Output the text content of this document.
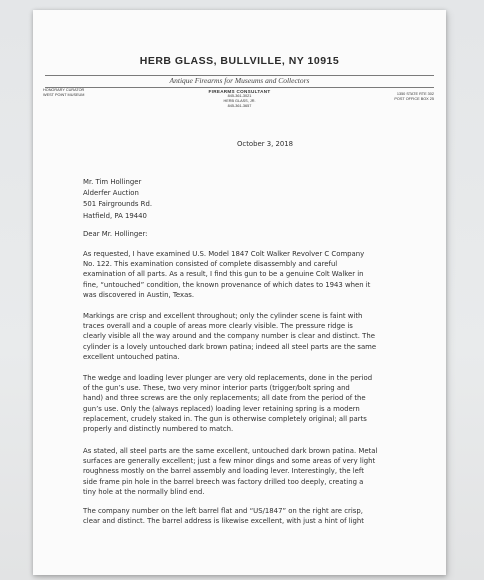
HERB GLASS, BULLVILLE, NY 10915
Antique Firearms for Museums and Collectors
HONORARY CURATOR
WEST POINT MUSEUM
FIREARMS CONSULTANT
845-361-3021
HERB GLASS, JR.
845-361-3657
1350 STATE RTE 302
POST OFFICE BOX 25
October 3, 2018
Mr. Tim Hollinger
Alderfer Auction
501 Fairgrounds Rd.
Hatfield, PA 19440
Dear Mr. Hollinger:
As requested, I have examined U.S. Model 1847 Colt Walker Revolver C Company
No. 122. This examination consisted of complete disassembly and careful
examination of all parts. As a result, I find this gun to be a genuine Colt Walker in
fine, “untouched” condition, the known provenance of which dates to 1943 when it
was discovered in Austin, Texas.
Markings are crisp and excellent throughout; only the cylinder scene is faint with
traces overall and a couple of areas more clearly visible. The pressure ridge is
clearly visible all the way around and the company number is clear and distinct. The
cylinder is a lovely untouched dark brown patina; indeed all steel parts are the same
excellent untouched patina.
The wedge and loading lever plunger are very old replacements, done in the period
of the gun’s use. These, two very minor interior parts (trigger/bolt spring and
hand) and three screws are the only replacements; all date from the period of the
gun’s use. Only the (always replaced) loading lever retaining spring is a modern
replacement, crudely staked in. The gun is otherwise completely original; all parts
properly and distinctly numbered to match.
As stated, all steel parts are the same excellent, untouched dark brown patina. Metal
surfaces are generally excellent; just a few minor dings and some areas of very light
roughness mostly on the barrel assembly and loading lever. Interestingly, the left
side frame pin hole in the barrel breech was factory drilled too deeply, creating a
tiny hole at the normally blind end.
The company number on the left barrel flat and “US/1847” on the right are crisp,
clear and distinct. The barrel address is likewise excellent, with just a hint of light
